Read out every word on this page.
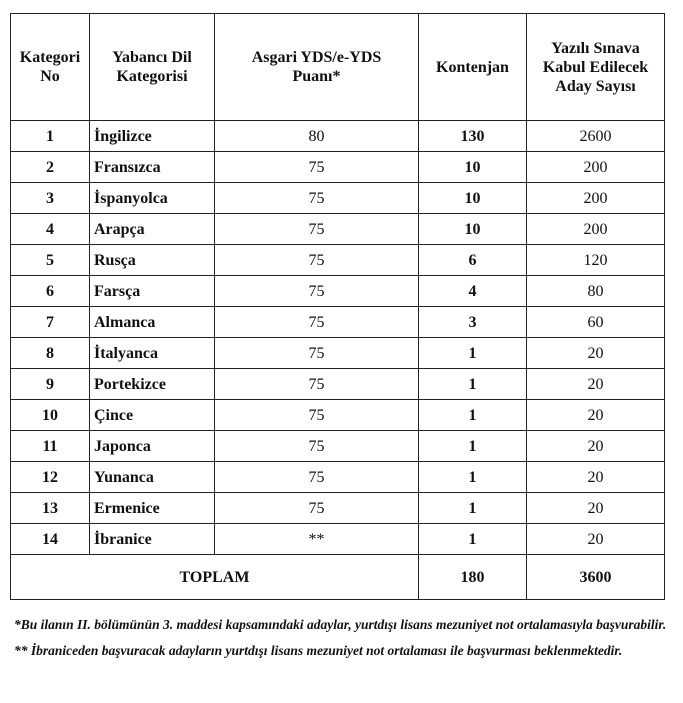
Kategori No	Yabancı Dil Kategorisi	Asgari YDS/e-YDS Puanı*	Kontenjan	Yazılı Sınava Kabul Edilecek Aday Sayısı
1	İngilizce	80	130	2600
2	Fransızca	75	10	200
3	İspanyolca	75	10	200
4	Arapça	75	10	200
5	Rusça	75	6	120
6	Farsça	75	4	80
7	Almanca	75	3	60
8	İtalyanca	75	1	20
9	Portekizce	75	1	20
10	Çince	75	1	20
11	Japonca	75	1	20
12	Yunanca	75	1	20
13	Ermenice	75	1	20
14	İbranice	**	1	20
TOPLAM			180	3600

*Bu ilanın II. bölümünün 3. maddesi kapsamındaki adaylar, yurtdışı lisans mezuniyet not ortalamasıyla başvurabilir.

** İbraniceden başvuracak adayların yurtdışı lisans mezuniyet not ortalaması ile başvurması beklenmektedir.
